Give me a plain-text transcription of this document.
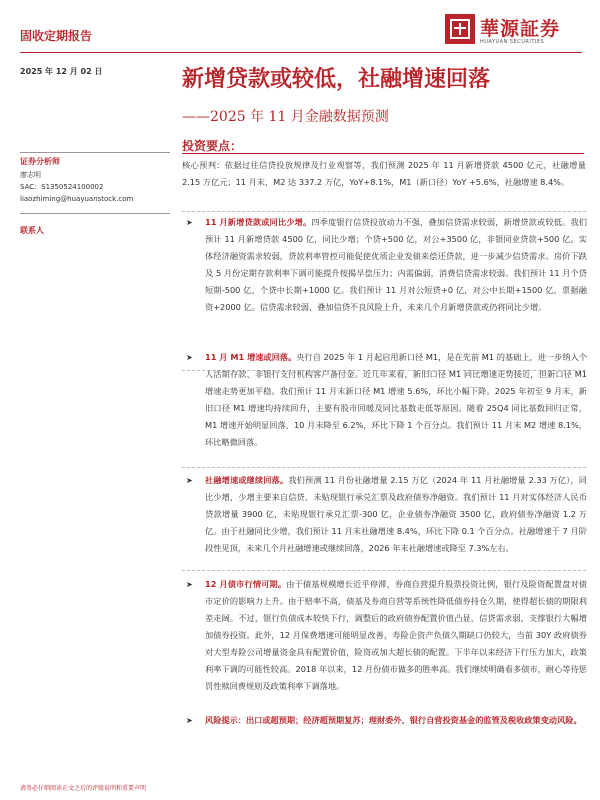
固收定期报告	華源証券
HUAYUAN SECURITIES
2025 年 12 月 02 日	新增贷款或较低，社融增速回落
——2025 年 11 月金融数据预测
投资要点：
证券分析师
廖志明
SAC：S1350524100002
liaozhiming@huayuanstock.com
联系人
核心预判：依据过往信贷投放规律及行业观察等，我们预测 2025 年 11 月新增贷款 4500 亿元，社融增量 2.15 万亿元；11 月末，M2 达 337.2 万亿，YoY+8.1%，M1（新口径）YoY +5.6%，社融增速 8.4%。
➤ 11 月新增贷款或同比少增。四季度银行信贷投放动力不强，叠加信贷需求较弱，新增贷款或较低。我们预计 11 月新增贷款 4500 亿，同比少增；个贷+500 亿，对公+3500 亿，非银同业贷款+500 亿。实体经济融资需求较弱，贷款利率管控可能促使优质企业发债来偿还贷款，进一步减少信贷需求。房价下跌及 5 月份定期存款利率下调可能提升按揭早偿压力；内需偏弱，消费信贷需求较弱。我们预计 11 月个贷短期-500 亿，个贷中长期+1000 亿。我们预计 11 月对公短贷+0 亿，对公中长期+1500 亿，票据融资+2000 亿。信贷需求较弱，叠加信贷不良风险上升，未来几个月新增贷款或仍将同比少增。
➤ 11 月 M1 增速或回落。央行自 2025 年 1 月起启用新口径 M1，是在先前 M1 的基础上，进一步纳入个人活期存款、非银行支付机构客户备付金。近几年来看，新旧口径 M1 同比增速走势接近，但新口径 M1 增速走势更加平稳。我们预计 11 月末新口径 M1 增速 5.6%，环比小幅下降。2025 年初至 9 月末，新旧口径 M1 增速均持续回升，主要有股市回暖及同比基数走低等原因。随着 25Q4 同比基数回归正常，M1 增速开始明显回落，10 月末降至 6.2%，环比下降 1 个百分点。我们预计 11 月末 M2 增速 8.1%，环比略微回落。
➤ 社融增速或继续回落。我们预测 11 月份社融增量 2.15 万亿（2024 年 11 月社融增量 2.33 万亿），同比少增，少增主要来自信贷、未贴现银行承兑汇票及政府债券净融资。我们预计 11 月对实体经济人民币贷款增量 3900 亿，未贴现银行承兑汇票-300 亿，企业债券净融资 3500 亿，政府债券净融资 1.2 万亿。由于社融同比少增，我们预计 11 月末社融增速 8.4%，环比下降 0.1 个百分点。社融增速于 7 月阶段性见顶，未来几个月社融增速或继续回落，2026 年末社融增速或降至 7.3%左右。
➤ 12 月债市行情可期。由于债基规模增长近乎停滞，券商自营提升股票投资比例，银行及险资配置盘对债市定价的影响力上升。由于赔率不高，债基及券商自营等系统性降低债券持仓久期，使得超长债的期限利差走阔。不过，银行负债成本较快下行，调整后的政府债券配置价值凸显，信贷需求弱，支撑银行大幅增加债券投资。此外，12 月保费增速可能明显改善，寿险企资产负债久期缺口仍较大，当前 30Y 政府债券对大型寿险公司增量资金具有配置价值，险资或加大超长债的配置。下半年以来经济下行压力加大，政策利率下调的可能性较高。2018 年以来，12 月份债市做多的胜率高。我们继续明确看多债市，耐心等待惩罚性赎回费规则及政策利率下调落地。
➤ 风险提示：出口或超预期；经济超预期复苏；理财委外、银行自营投资基金的监管及税收政策变动风险。
请务必仔细阅读正文之后的评级说明和重要声明
